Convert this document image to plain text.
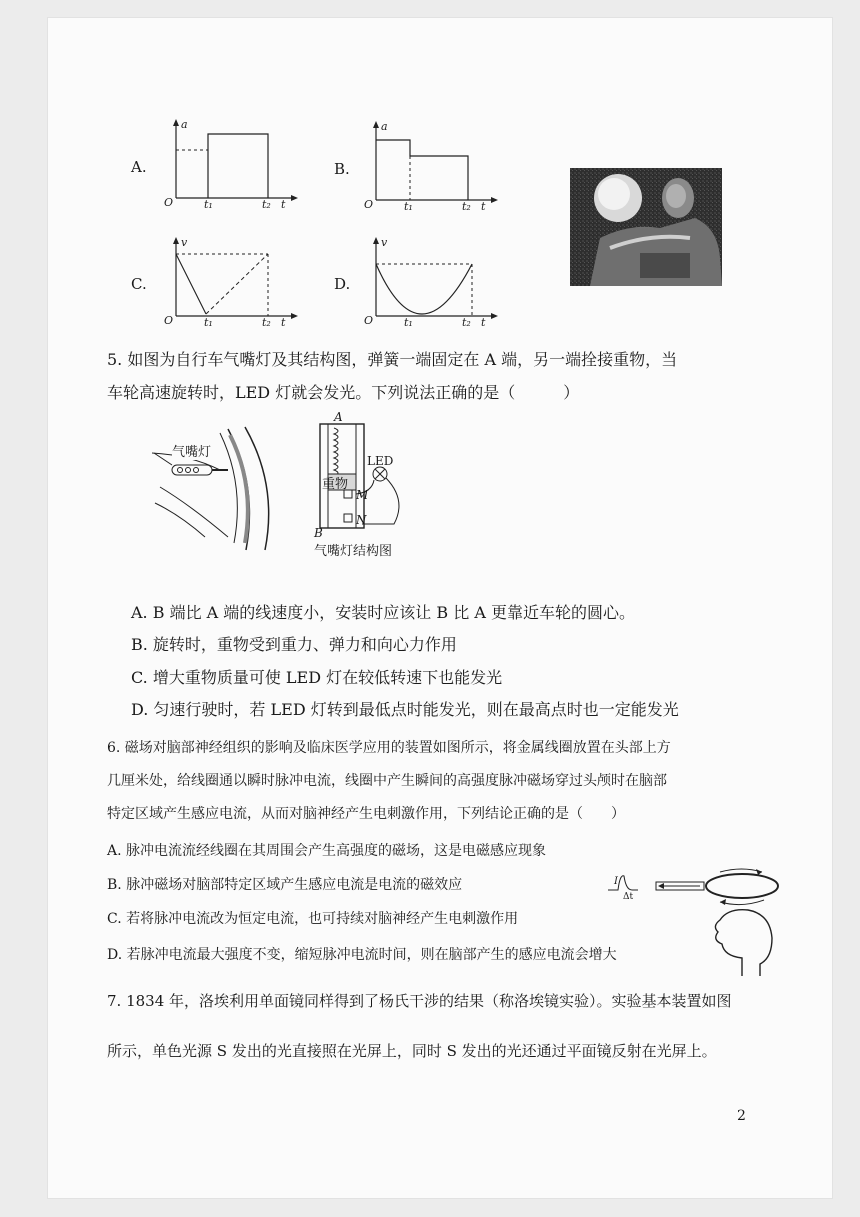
A.
a
O	t₁	t₂ t
B.
a
O	t₁	t₂ t
C.
v
O	t₁	t₂ t
D.
v
O	t₁	t₂ t
5. 如图为自行车气嘴灯及其结构图，弹簧一端固定在 A 端，另一端拴接重物，当
车轮高速旋转时，LED 灯就会发光。下列说法正确的是（　　　）
气嘴灯
A
LED
重物
M
N
B
气嘴灯结构图
A. B 端比 A 端的线速度小，安装时应该让 B 比 A 更靠近车轮的圆心。
B. 旋转时，重物受到重力、弹力和向心力作用
C. 增大重物质量可使 LED 灯在较低转速下也能发光
D. 匀速行驶时，若 LED 灯转到最低点时能发光，则在最高点时也一定能发光
6. 磁场对脑部神经组织的影响及临床医学应用的装置如图所示，将金属线圈放置在头部上方
几厘米处，给线圈通以瞬时脉冲电流，线圈中产生瞬间的高强度脉冲磁场穿过头颅时在脑部
特定区域产生感应电流，从而对脑神经产生电刺激作用，下列结论正确的是（　　）
A. 脉冲电流流经线圈在其周围会产生高强度的磁场，这是电磁感应现象
B. 脉冲磁场对脑部特定区域产生感应电流是电流的磁效应
C. 若将脉冲电流改为恒定电流，也可持续对脑神经产生电刺激作用
D. 若脉冲电流最大强度不变，缩短脉冲电流时间，则在脑部产生的感应电流会增大
I
Δt
7. 1834 年，洛埃利用单面镜同样得到了杨氏干涉的结果（称洛埃镜实验）。实验基本装置如图
所示，单色光源 S 发出的光直接照在光屏上，同时 S 发出的光还通过平面镜反射在光屏上。
2
